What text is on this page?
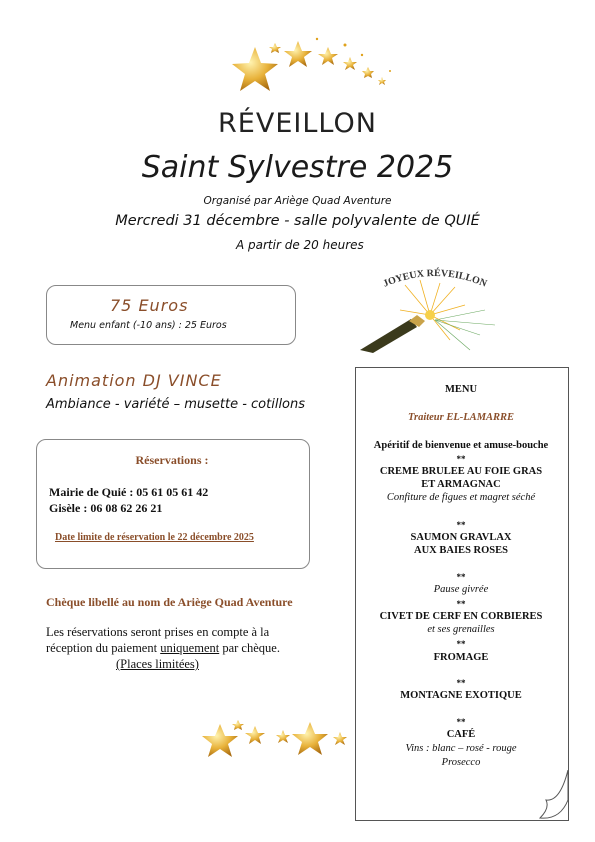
RÉVEILLON
Saint Sylvestre 2025
Organisé par Ariège Quad Aventure
Mercredi 31 décembre - salle polyvalente de QUIÉ
A partir de 20 heures
JOYEUX RÉVEILLON
75 Euros
Menu enfant (-10 ans) : 25 Euros
Animation DJ VINCE
Ambiance - variété – musette - cotillons
Réservations :
Mairie de Quié : 05 61 05 61 42
Gisèle : 06 08 62 26 21
Date limite de réservation le 22 décembre 2025
Chèque libellé au nom de Ariège Quad Aventure
Les réservations seront prises en compte à la
réception du paiement uniquement par chèque.
(Places limitées)
MENU
Traiteur EL-LAMARRE
Apéritif de bienvenue et amuse-bouche
**
CREME BRULEE AU FOIE GRAS
ET ARMAGNAC
Confiture de figues et magret séché
**
SAUMON GRAVLAX
AUX BAIES ROSES
**
Pause givrée
**
CIVET DE CERF EN CORBIERES
et ses grenailles
**
FROMAGE
**
MONTAGNE EXOTIQUE
**
CAFÉ
Vins : blanc – rosé - rouge
Prosecco
